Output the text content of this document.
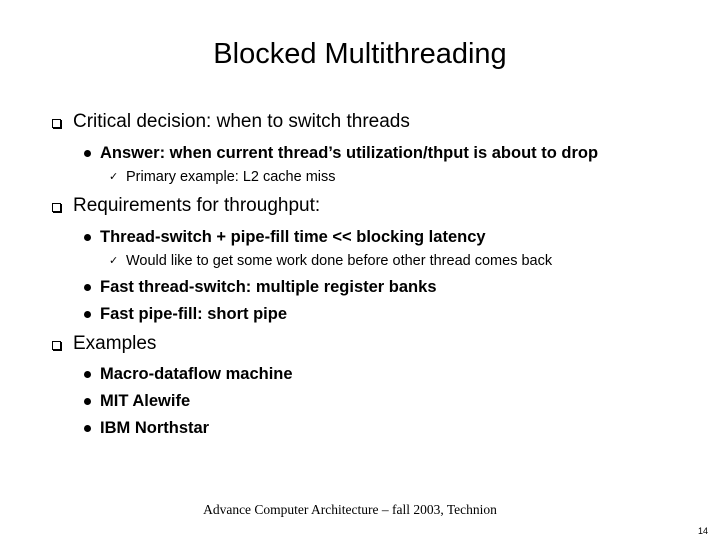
Blocked Multithreading
Critical decision: when to switch threads
Answer: when current thread’s utilization/thput is about to drop
✓ Primary example: L2 cache miss
Requirements for throughput:
Thread-switch + pipe-fill time << blocking latency
✓ Would like to get some work done before other thread comes back
Fast thread-switch: multiple register banks
Fast pipe-fill: short pipe
Examples
Macro-dataflow machine
MIT Alewife
IBM Northstar
Advance Computer Architecture – fall 2003, Technion
14
